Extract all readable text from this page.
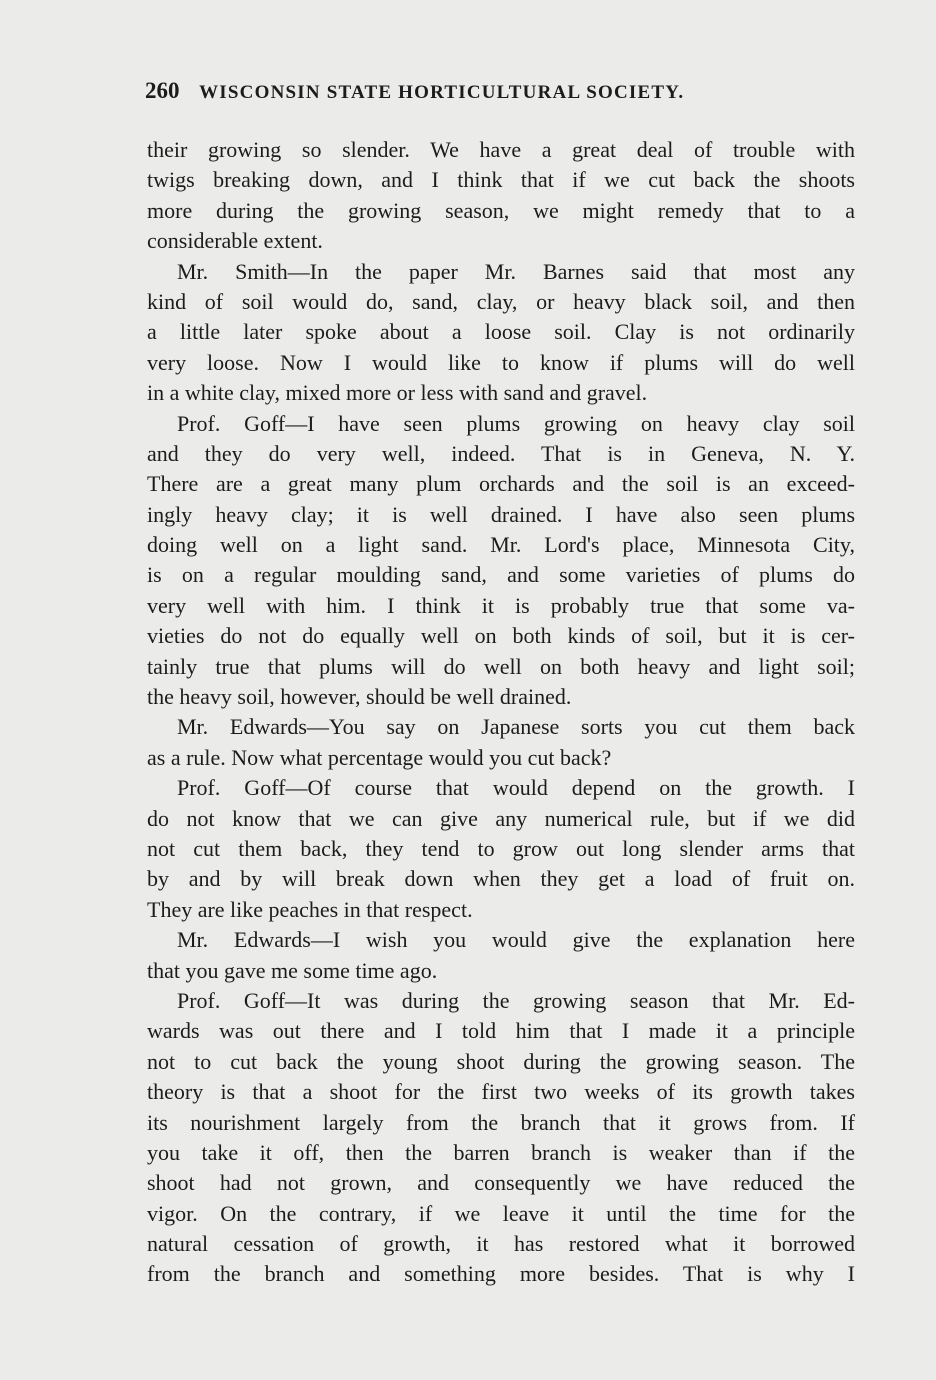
260 WISCONSIN STATE HORTICULTURAL SOCIETY.
their growing so slender. We have a great deal of trouble with
twigs breaking down, and I think that if we cut back the shoots
more during the growing season, we might remedy that to a
considerable extent.
Mr. Smith—In the paper Mr. Barnes said that most any
kind of soil would do, sand, clay, or heavy black soil, and then
a little later spoke about a loose soil. Clay is not ordinarily
very loose. Now I would like to know if plums will do well
in a white clay, mixed more or less with sand and gravel.
Prof. Goff—I have seen plums growing on heavy clay soil
and they do very well, indeed. That is in Geneva, N. Y.
There are a great many plum orchards and the soil is an exceed-
ingly heavy clay; it is well drained. I have also seen plums
doing well on a light sand. Mr. Lord's place, Minnesota City,
is on a regular moulding sand, and some varieties of plums do
very well with him. I think it is probably true that some va-
vieties do not do equally well on both kinds of soil, but it is cer-
tainly true that plums will do well on both heavy and light soil;
the heavy soil, however, should be well drained.
Mr. Edwards—You say on Japanese sorts you cut them back
as a rule. Now what percentage would you cut back?
Prof. Goff—Of course that would depend on the growth. I
do not know that we can give any numerical rule, but if we did
not cut them back, they tend to grow out long slender arms that
by and by will break down when they get a load of fruit on.
They are like peaches in that respect.
Mr. Edwards—I wish you would give the explanation here
that you gave me some time ago.
Prof. Goff—It was during the growing season that Mr. Ed-
wards was out there and I told him that I made it a principle
not to cut back the young shoot during the growing season. The
theory is that a shoot for the first two weeks of its growth takes
its nourishment largely from the branch that it grows from. If
you take it off, then the barren branch is weaker than if the
shoot had not grown, and consequently we have reduced the
vigor. On the contrary, if we leave it until the time for the
natural cessation of growth, it has restored what it borrowed
from the branch and something more besides. That is why I
